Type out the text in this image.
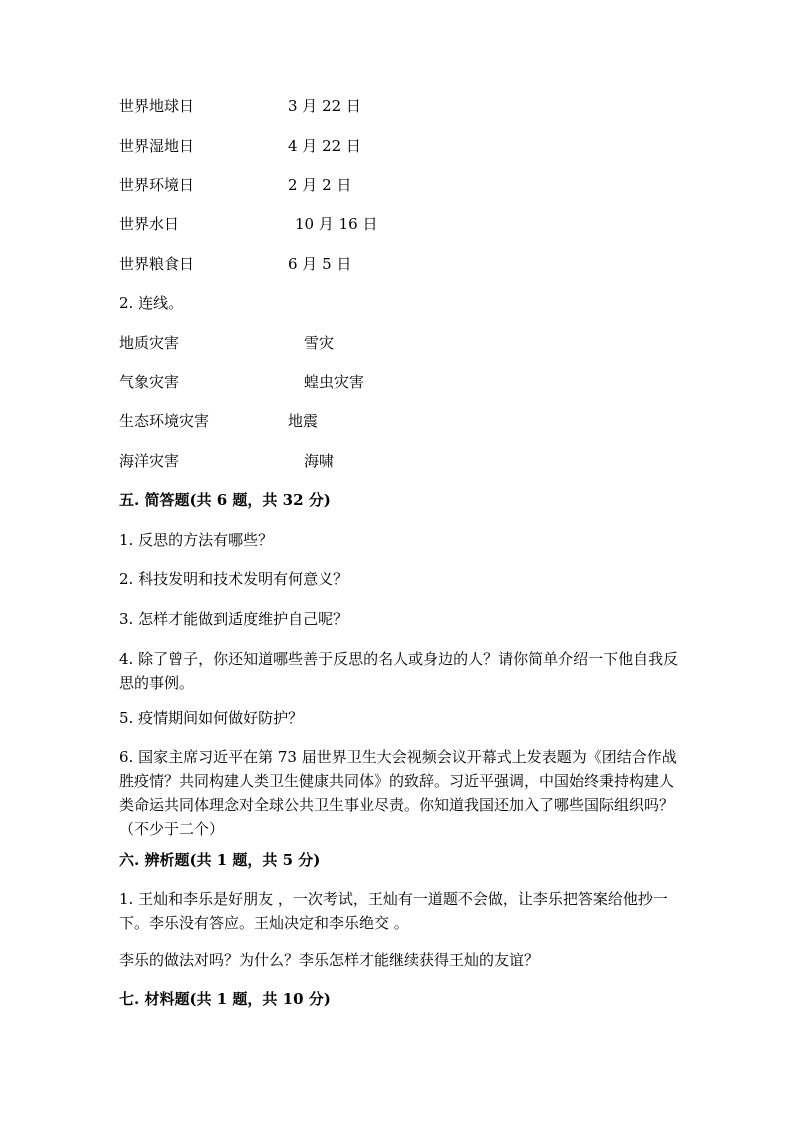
世界地球日	3 月 22 日
世界湿地日	4 月 22 日
世界环境日	2 月 2 日
世界水日	10 月 16 日
世界粮食日	6 月 5 日
2. 连线。
地质灾害	雪灾
气象灾害	蝗虫灾害
生态环境灾害	地震
海洋灾害	海啸
五. 简答题(共 6 题，共 32 分)
1. 反思的方法有哪些？
2. 科技发明和技术发明有何意义？
3. 怎样才能做到适度维护自己呢？
4. 除了曾子，你还知道哪些善于反思的名人或身边的人？请你简单介绍一下他自我反思的事例。
5. 疫情期间如何做好防护？
6. 国家主席习近平在第 73 届世界卫生大会视频会议开幕式上发表题为《团结合作战胜疫情？共同构建人类卫生健康共同体》的致辞。习近平强调，中国始终秉持构建人类命运共同体理念对全球公共卫生事业尽责。你知道我国还加入了哪些国际组织吗？（不少于二个）
六. 辨析题(共 1 题，共 5 分)
1. 王灿和李乐是好朋友 ，一次考试，王灿有一道题不会做，让李乐把答案给他抄一下。李乐没有答应。王灿决定和李乐绝交 。
李乐的做法对吗？为什么？李乐怎样才能继续获得王灿的友谊？
七. 材料题(共 1 题，共 10 分)
